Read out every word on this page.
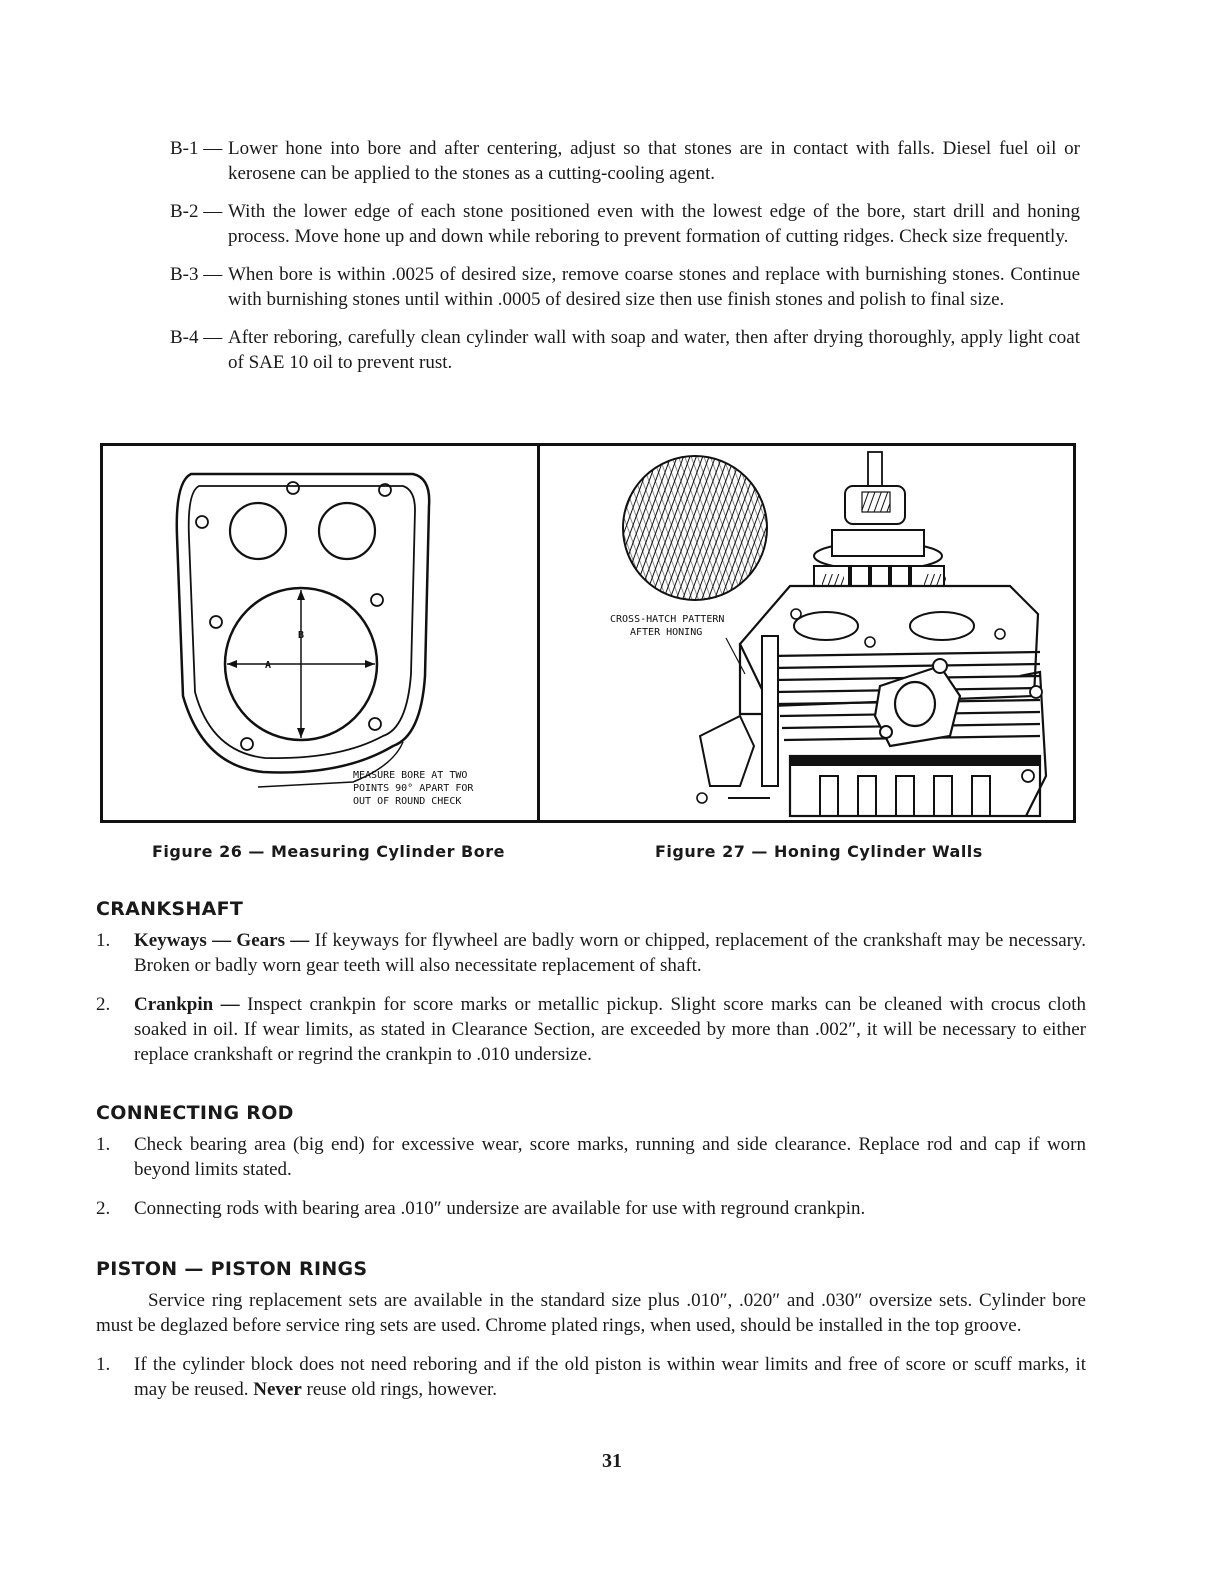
B-1 — Lower hone into bore and after centering, adjust so that stones are in contact with falls. Diesel fuel oil or kerosene can be applied to the stones as a cutting-cooling agent.
B-2 — With the lower edge of each stone positioned even with the lowest edge of the bore, start drill and honing process. Move hone up and down while reboring to prevent formation of cutting ridges. Check size frequently.
B-3 — When bore is within .0025 of desired size, remove coarse stones and replace with burnishing stones. Continue with burnishing stones until within .0005 of desired size then use finish stones and polish to final size.
B-4 — After reboring, carefully clean cylinder wall with soap and water, then after drying thoroughly, apply light coat of SAE 10 oil to prevent rust.
B
A
MEASURE BORE AT TWO
POINTS 90° APART FOR
OUT OF ROUND CHECK
CROSS-HATCH PATTERN
AFTER HONING
Figure 26 — Measuring Cylinder Bore	Figure 27 — Honing Cylinder Walls
CRANKSHAFT
1. Keyways — Gears — If keyways for flywheel are badly worn or chipped, replacement of the crankshaft may be necessary. Broken or badly worn gear teeth will also necessitate replacement of shaft.
2. Crankpin — Inspect crankpin for score marks or metallic pickup. Slight score marks can be cleaned with crocus cloth soaked in oil. If wear limits, as stated in Clearance Section, are exceeded by more than .002″, it will be necessary to either replace crankshaft or regrind the crankpin to .010 undersize.
CONNECTING ROD
1. Check bearing area (big end) for excessive wear, score marks, running and side clearance. Replace rod and cap if worn beyond limits stated.
2. Connecting rods with bearing area .010″ undersize are available for use with reground crankpin.
PISTON — PISTON RINGS
Service ring replacement sets are available in the standard size plus .010″, .020″ and .030″ oversize sets. Cylinder bore must be deglazed before service ring sets are used. Chrome plated rings, when used, should be installed in the top groove.
1. If the cylinder block does not need reboring and if the old piston is within wear limits and free of score or scuff marks, it may be reused. Never reuse old rings, however.
31
